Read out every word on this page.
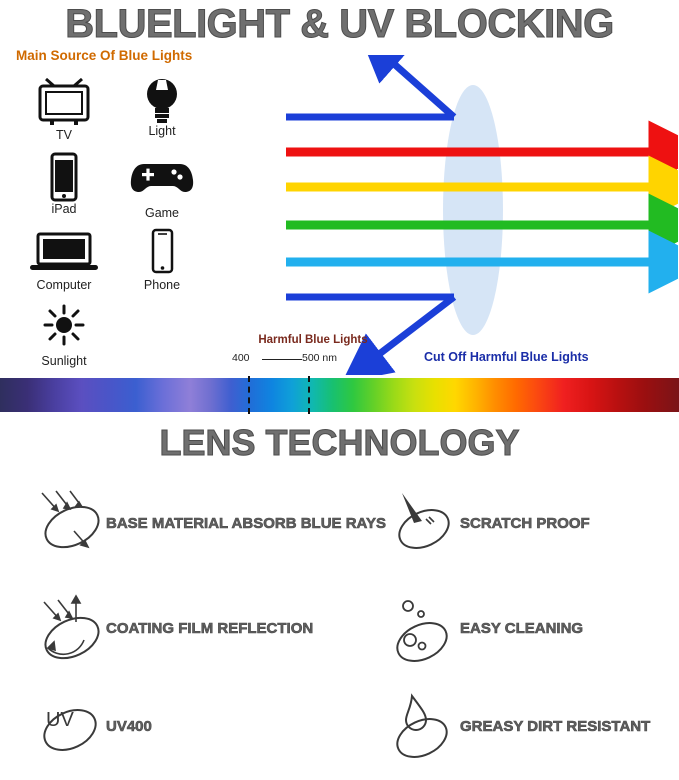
BLUELIGHT & UV BLOCKING
Main Source Of Blue Lights
TV	Light
iPad	Game
Computer	Phone
Sunlight	Cut Off Harmful Blue Lights
Harmful Blue Lights
400	500 nm
LENS TECHNOLOGY
BASE MATERIAL ABSORB BLUE RAYS	SCRATCH PROOF
COATING FILM REFLECTION	EASY CLEANING
UV UV400	GREASY DIRT RESISTANT
